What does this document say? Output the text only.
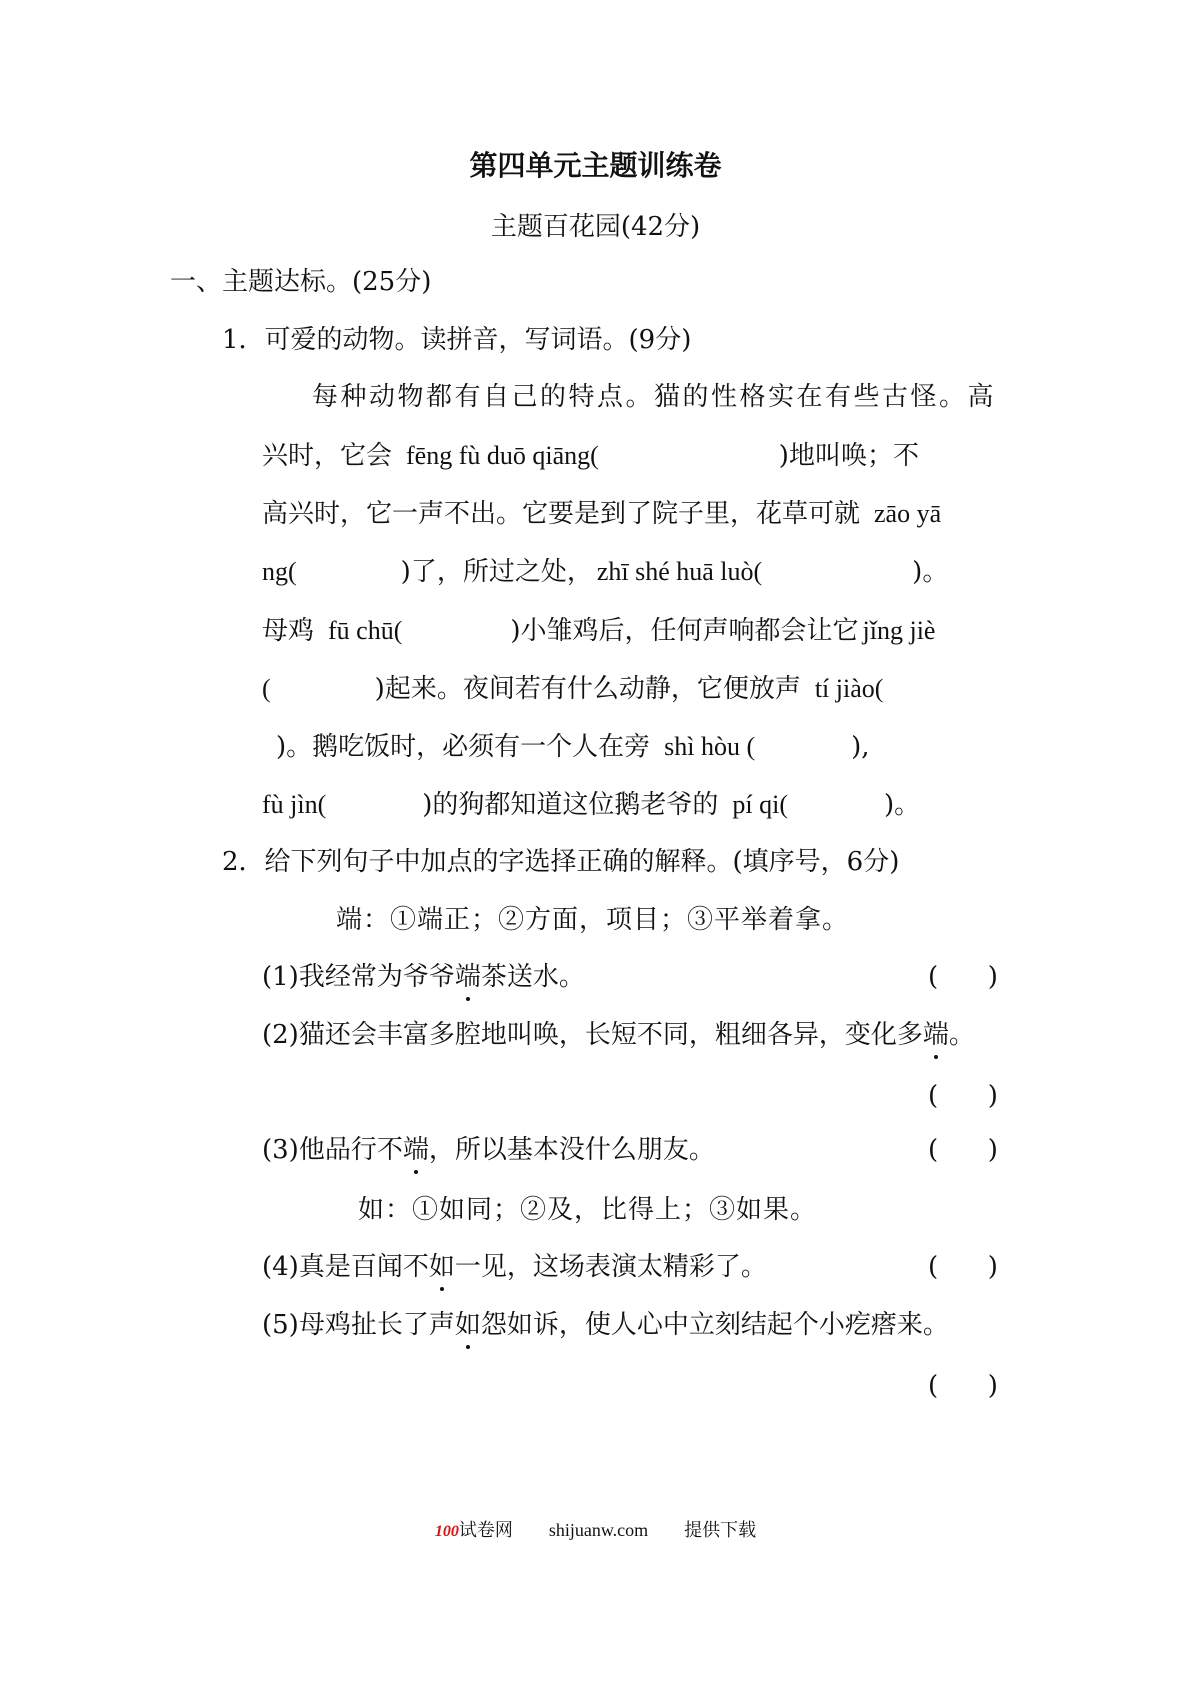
第四单元主题训练卷
主题百花园(42分)
一、主题达标。(25分)
1．可爱的动物。读拼音，写词语。(9分)
每种动物都有自己的特点。猫的性格实在有些古怪。高
兴时，它会 fēng fù duō qiāng(	)地叫唤；不
高兴时，它一声不出。它要是到了院子里，花草可就 zāo yā
ng(	)了，所过之处， zhī shé huā luò(	)。
母鸡 fū chū(	)小雏鸡后，任何声响都会让它 jǐng jiè
(	)起来。夜间若有什么动静，它便放声 tí jiào(
)。鹅吃饭时，必须有一个人在旁 shì hòu (	),
fù jìn(	)的狗都知道这位鹅老爷的 pí qi(	)。
2．给下列句子中加点的字选择正确的解释。(填序号，6分)
端：①端正；②方面，项目；③平举着拿。
(1)我经常为爷爷端茶送水。	(      )
(2)猫还会丰富多腔地叫唤，长短不同，粗细各异，变化多端。
(      )
(3)他品行不端，所以基本没什么朋友。	(      )
如：①如同；②及，比得上；③如果。
(4)真是百闻不如一见，这场表演太精彩了。	(      )
(5)母鸡扯长了声如怨如诉，使人心中立刻结起个小疙瘩来。
(      )
100试卷网 shijuanw.com 提供下载
